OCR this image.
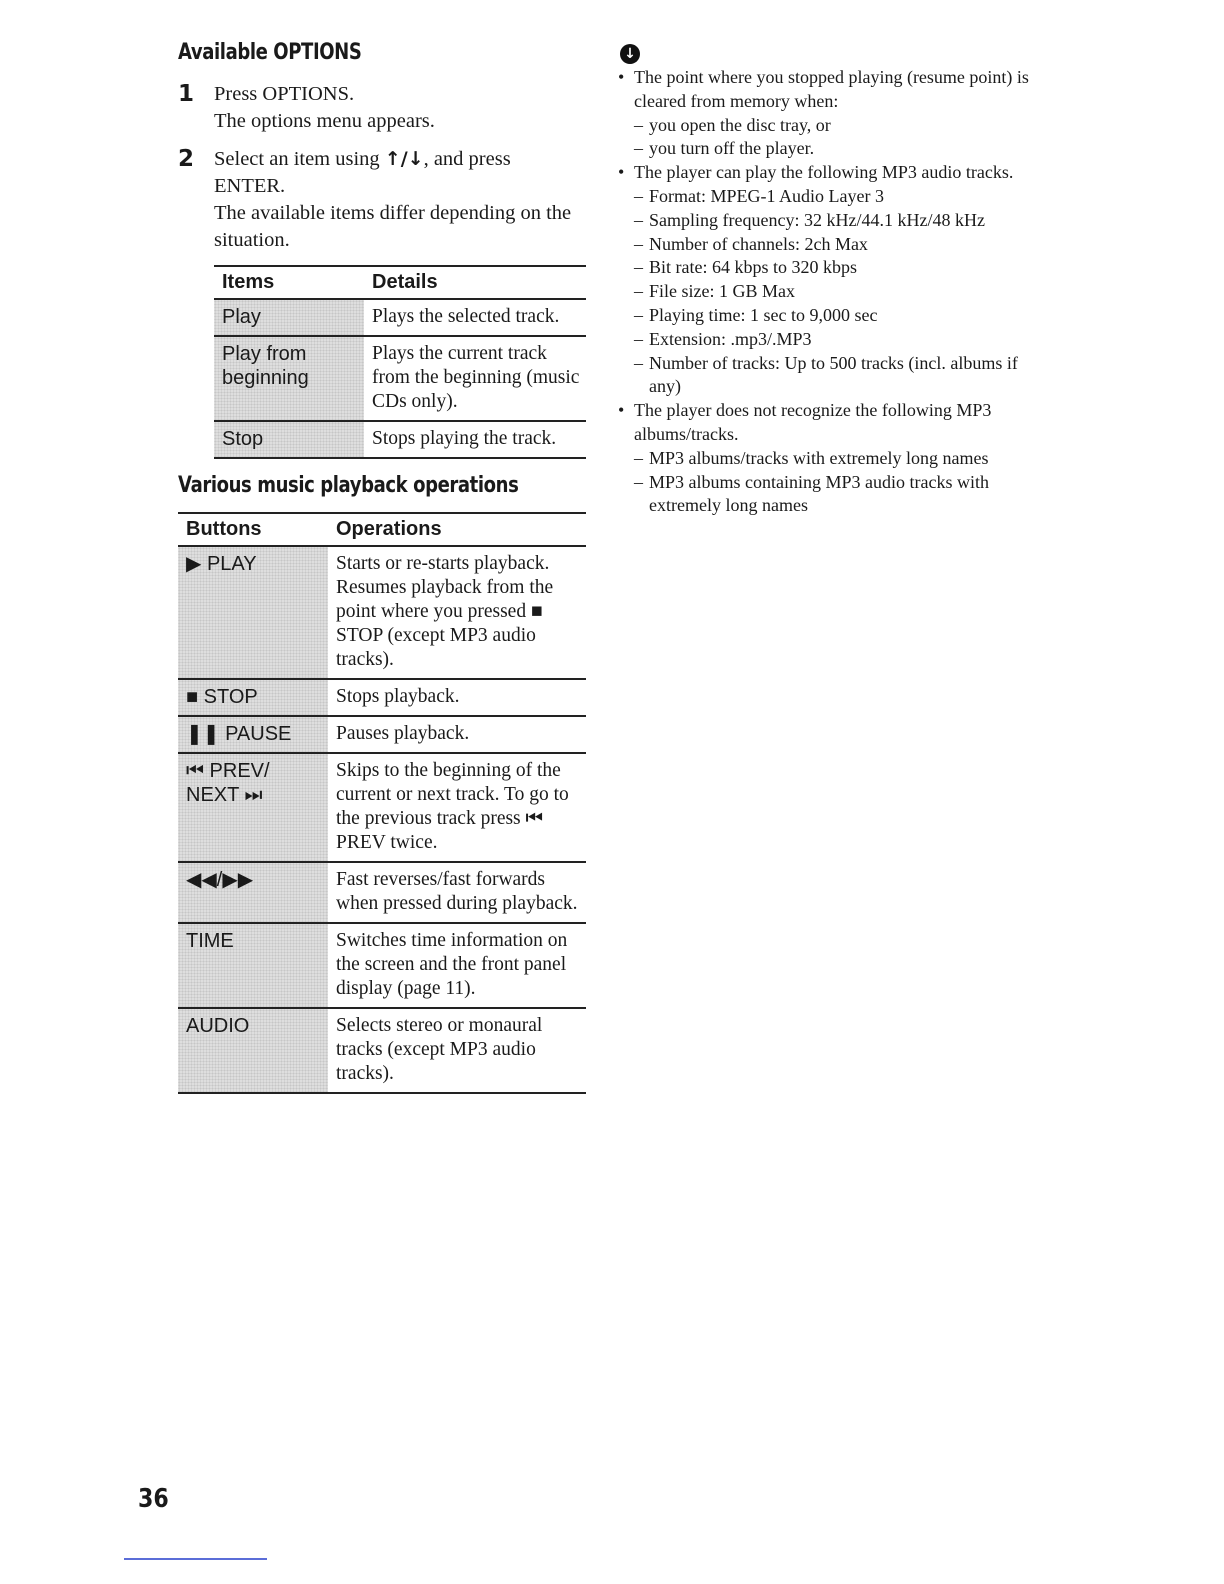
Available OPTIONS
1 Press OPTIONS.

The options menu appears.

2 Select an item using ↑/↓, and press ENTER.

The available items differ depending on the situation.

Items	Details
Play	Plays the selected track.
Play from beginning	Plays the current track from the beginning (music CDs only).
Stop	Stops playing the track.
Various music playback operations
Buttons	Operations
▶ PLAY	Starts or re-starts playback. Resumes playback from the point where you pressed ■ STOP (except MP3 audio tracks).
■ STOP	Stops playback.
❚❚ PAUSE	Pauses playback.
⏮ PREV/ NEXT ⏭	Skips to the beginning of the current or next track. To go to the previous track press ⏮ PREV twice.
◀◀/▶▶	Fast reverses/fast forwards when pressed during playback.
TIME	Switches time information on the screen and the front panel display (page 11).
AUDIO	Selects stereo or monaural tracks (except MP3 audio tracks).
↓
• The point where you stopped playing (resume point) is cleared from memory when:
– you open the disc tray, or
– you turn off the player.
• The player can play the following MP3 audio tracks.
– Format: MPEG-1 Audio Layer 3
– Sampling frequency: 32 kHz/44.1 kHz/48 kHz
– Number of channels: 2ch Max
– Bit rate: 64 kbps to 320 kbps
– File size: 1 GB Max
– Playing time: 1 sec to 9,000 sec
– Extension: .mp3/.MP3
– Number of tracks: Up to 500 tracks (incl. albums if any)
• The player does not recognize the following MP3 albums/tracks.
– MP3 albums/tracks with extremely long names
– MP3 albums containing MP3 audio tracks with extremely long names
36
